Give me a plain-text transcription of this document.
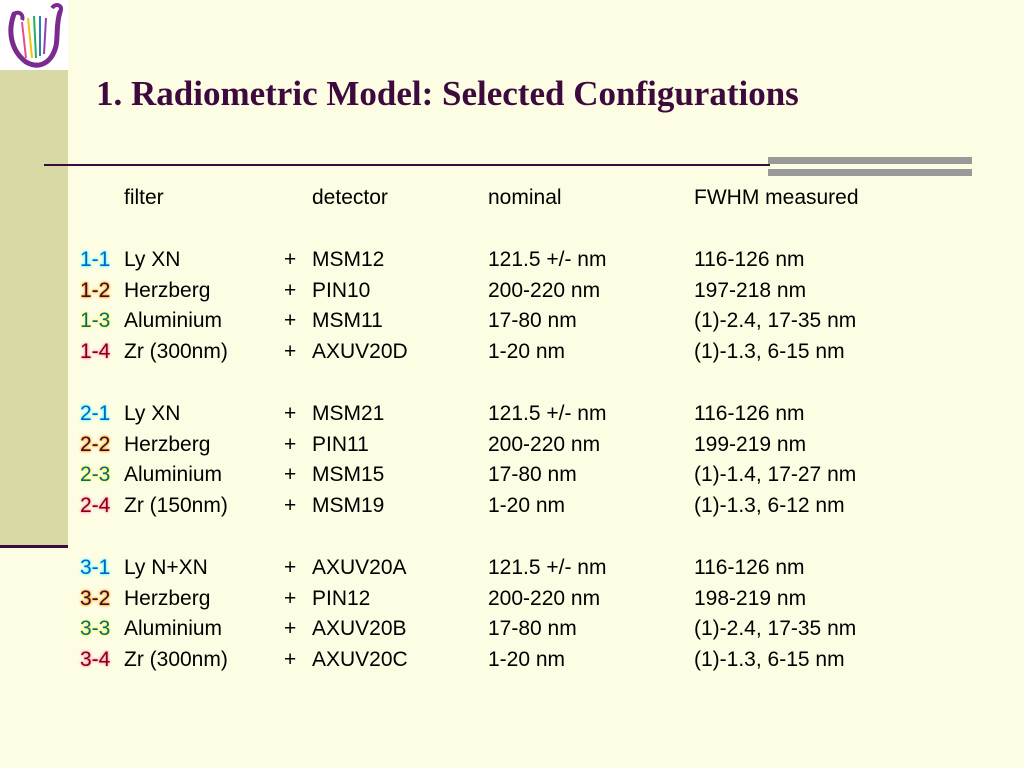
1. Radiometric Model: Selected Configurations
filter	detector	nominal	FWHM measured
1-1 Ly XN	+ MSM12	121.5 +/- nm	116-126 nm
1-2 Herzberg	+ PIN10	200-220 nm	197-218 nm
1-3 Aluminium	+ MSM11	17-80 nm	(1)-2.4, 17-35 nm
1-4 Zr (300nm)	+ AXUV20D	1-20 nm	(1)-1.3, 6-15 nm
2-1 Ly XN	+ MSM21	121.5 +/- nm	116-126 nm
2-2 Herzberg	+ PIN11	200-220 nm	199-219 nm
2-3 Aluminium	+ MSM15	17-80 nm	(1)-1.4, 17-27 nm
2-4 Zr (150nm)	+ MSM19	1-20 nm	(1)-1.3, 6-12 nm
3-1 Ly N+XN	+ AXUV20A	121.5 +/- nm	116-126 nm
3-2 Herzberg	+ PIN12	200-220 nm	198-219 nm
3-3 Aluminium	+ AXUV20B	17-80 nm	(1)-2.4, 17-35 nm
3-4 Zr (300nm)	+ AXUV20C	1-20 nm	(1)-1.3, 6-15 nm
